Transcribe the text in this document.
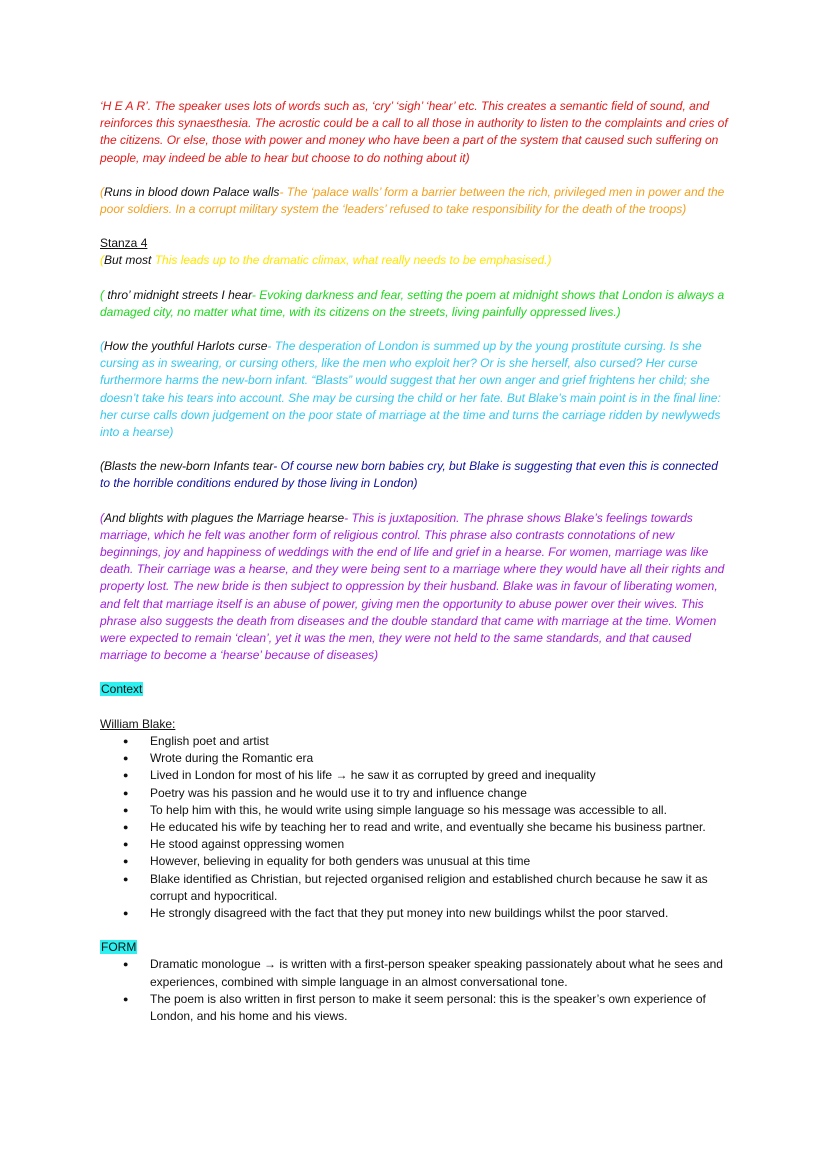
‘H E A R’. The speaker uses lots of words such as, ‘cry’ ‘sigh’ ‘hear’ etc. This creates a semantic field of sound, and reinforces this synaesthesia. The acrostic could be a call to all those in authority to listen to the complaints and cries of the citizens. Or else, those with power and money who have been a part of the system that caused such suffering on people, may indeed be able to hear but choose to do nothing about it)

(Runs in blood down Palace walls- The ‘palace walls’ form a barrier between the rich, privileged men in power and the poor soldiers. In a corrupt military system the ‘leaders’ refused to take responsibility for the death of the troops)

Stanza 4

(But most This leads up to the dramatic climax, what really needs to be emphasised.)

( thro’ midnight streets I hear- Evoking darkness and fear, setting the poem at midnight shows that London is always a damaged city, no matter what time, with its citizens on the streets, living painfully oppressed lives.)

(How the youthful Harlots curse- The desperation of London is summed up by the young prostitute cursing. Is she cursing as in swearing, or cursing others, like the men who exploit her? Or is she herself, also cursed? Her curse furthermore harms the new-born infant. “Blasts” would suggest that her own anger and grief frightens her child; she doesn’t take his tears into account. She may be cursing the child or her fate. But Blake’s main point is in the final line: her curse calls down judgement on the poor state of marriage at the time and turns the carriage ridden by newlyweds into a hearse)

(Blasts the new-born Infants tear- Of course new born babies cry, but Blake is suggesting that even this is connected to the horrible conditions endured by those living in London)

(And blights with plagues the Marriage hearse- This is juxtaposition. The phrase shows Blake’s feelings towards marriage, which he felt was another form of religious control. This phrase also contrasts connotations of new beginnings, joy and happiness of weddings with the end of life and grief in a hearse. For women, marriage was like death. Their carriage was a hearse, and they were being sent to a marriage where they would have all their rights and property lost. The new bride is then subject to oppression by their husband. Blake was in favour of liberating women, and felt that marriage itself is an abuse of power, giving men the opportunity to abuse power over their wives. This phrase also suggests the death from diseases and the double standard that came with marriage at the time. Women were expected to remain ‘clean’, yet it was the men, they were not held to the same standards, and that caused marriage to become a ‘hearse’ because of diseases)

Context

William Blake:

● English poet and artist
● Wrote during the Romantic era
● Lived in London for most of his life → he saw it as corrupted by greed and inequality
● Poetry was his passion and he would use it to try and influence change
● To help him with this, he would write using simple language so his message was accessible to all.
● He educated his wife by teaching her to read and write, and eventually she became his business partner.
● He stood against oppressing women
● However, believing in equality for both genders was unusual at this time
● Blake identified as Christian, but rejected organised religion and established church because he saw it as corrupt and hypocritical.
● He strongly disagreed with the fact that they put money into new buildings whilst the poor starved.

FORM

● Dramatic monologue → is written with a first-person speaker speaking passionately about what he sees and experiences, combined with simple language in an almost conversational tone.
● The poem is also written in first person to make it seem personal: this is the speaker’s own experience of London, and his home and his views.
